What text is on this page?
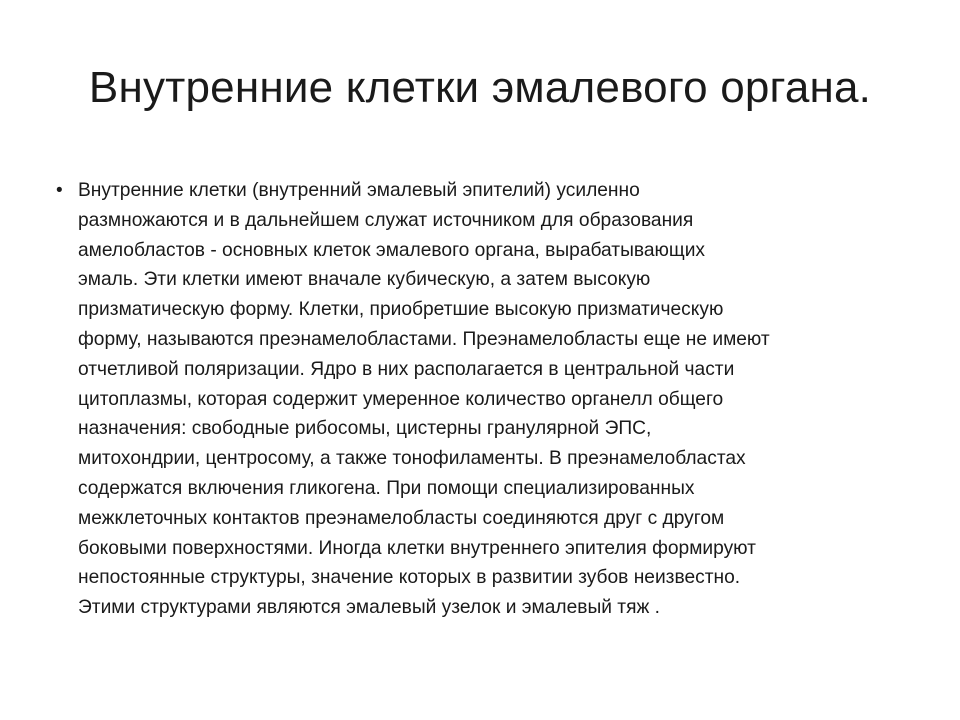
Внутренние клетки эмалевого органа.
• Внутренние клетки (внутренний эмалевый эпителий) усиленно
размножаются и в дальнейшем служат источником для образования
амелобластов - основных клеток эмалевого органа, вырабатывающих
эмаль. Эти клетки имеют вначале кубическую, а затем высокую
призматическую форму. Клетки, приобретшие высокую призматическую
форму, называются преэнамелобластами. Преэнамелобласты еще не имеют
отчетливой поляризации. Ядро в них располагается в центральной части
цитоплазмы, которая содержит умеренное количество органелл общего
назначения: свободные рибосомы, цистерны гранулярной ЭПС,
митохондрии, центросому, а также тонофиламенты. В преэнамелобластах
содержатся включения гликогена. При помощи специализированных
межклеточных контактов преэнамелобласты соединяются друг с другом
боковыми поверхностями. Иногда клетки внутреннего эпителия формируют
непостоянные структуры, значение которых в развитии зубов неизвестно.
Этими структурами являются эмалевый узелок и эмалевый тяж .
